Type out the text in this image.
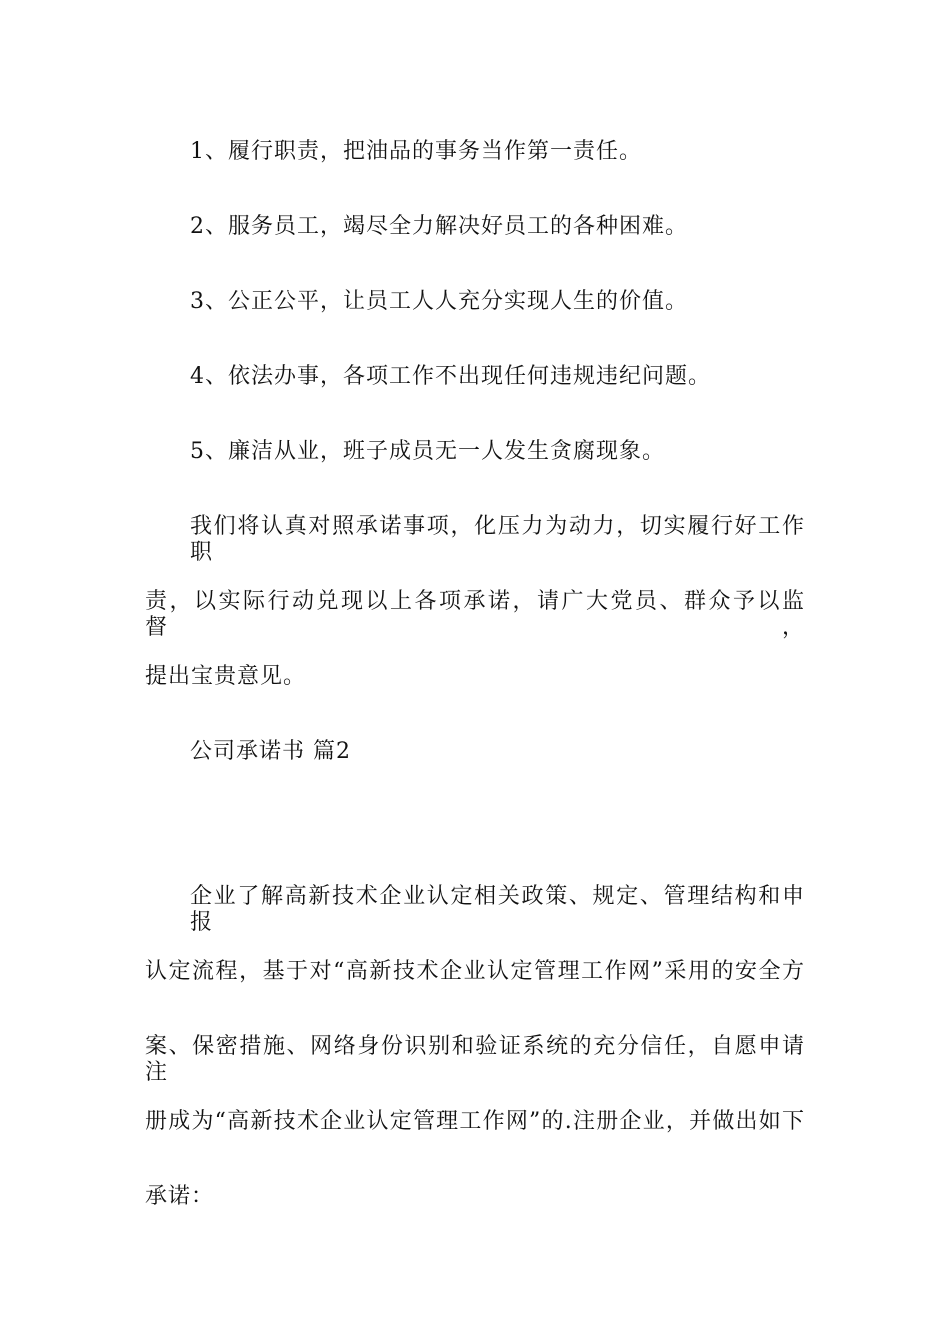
1、履行职责，把油品的事务当作第一责任。
2、服务员工，竭尽全力解决好员工的各种困难。
3、公正公平，让员工人人充分实现人生的价值。
4、依法办事，各项工作不出现任何违规违纪问题。
5、廉洁从业，班子成员无一人发生贪腐现象。
我们将认真对照承诺事项，化压力为动力，切实履行好工作职
责，以实际行动兑现以上各项承诺，请广大党员、群众予以监督，
提出宝贵意见。
公司承诺书 篇2
企业了解高新技术企业认定相关政策、规定、管理结构和申报
认定流程，基于对“高新技术企业认定管理工作网”采用的安全方
案、保密措施、网络身份识别和验证系统的充分信任，自愿申请注
册成为“高新技术企业认定管理工作网”的.注册企业，并做出如下
承诺：
